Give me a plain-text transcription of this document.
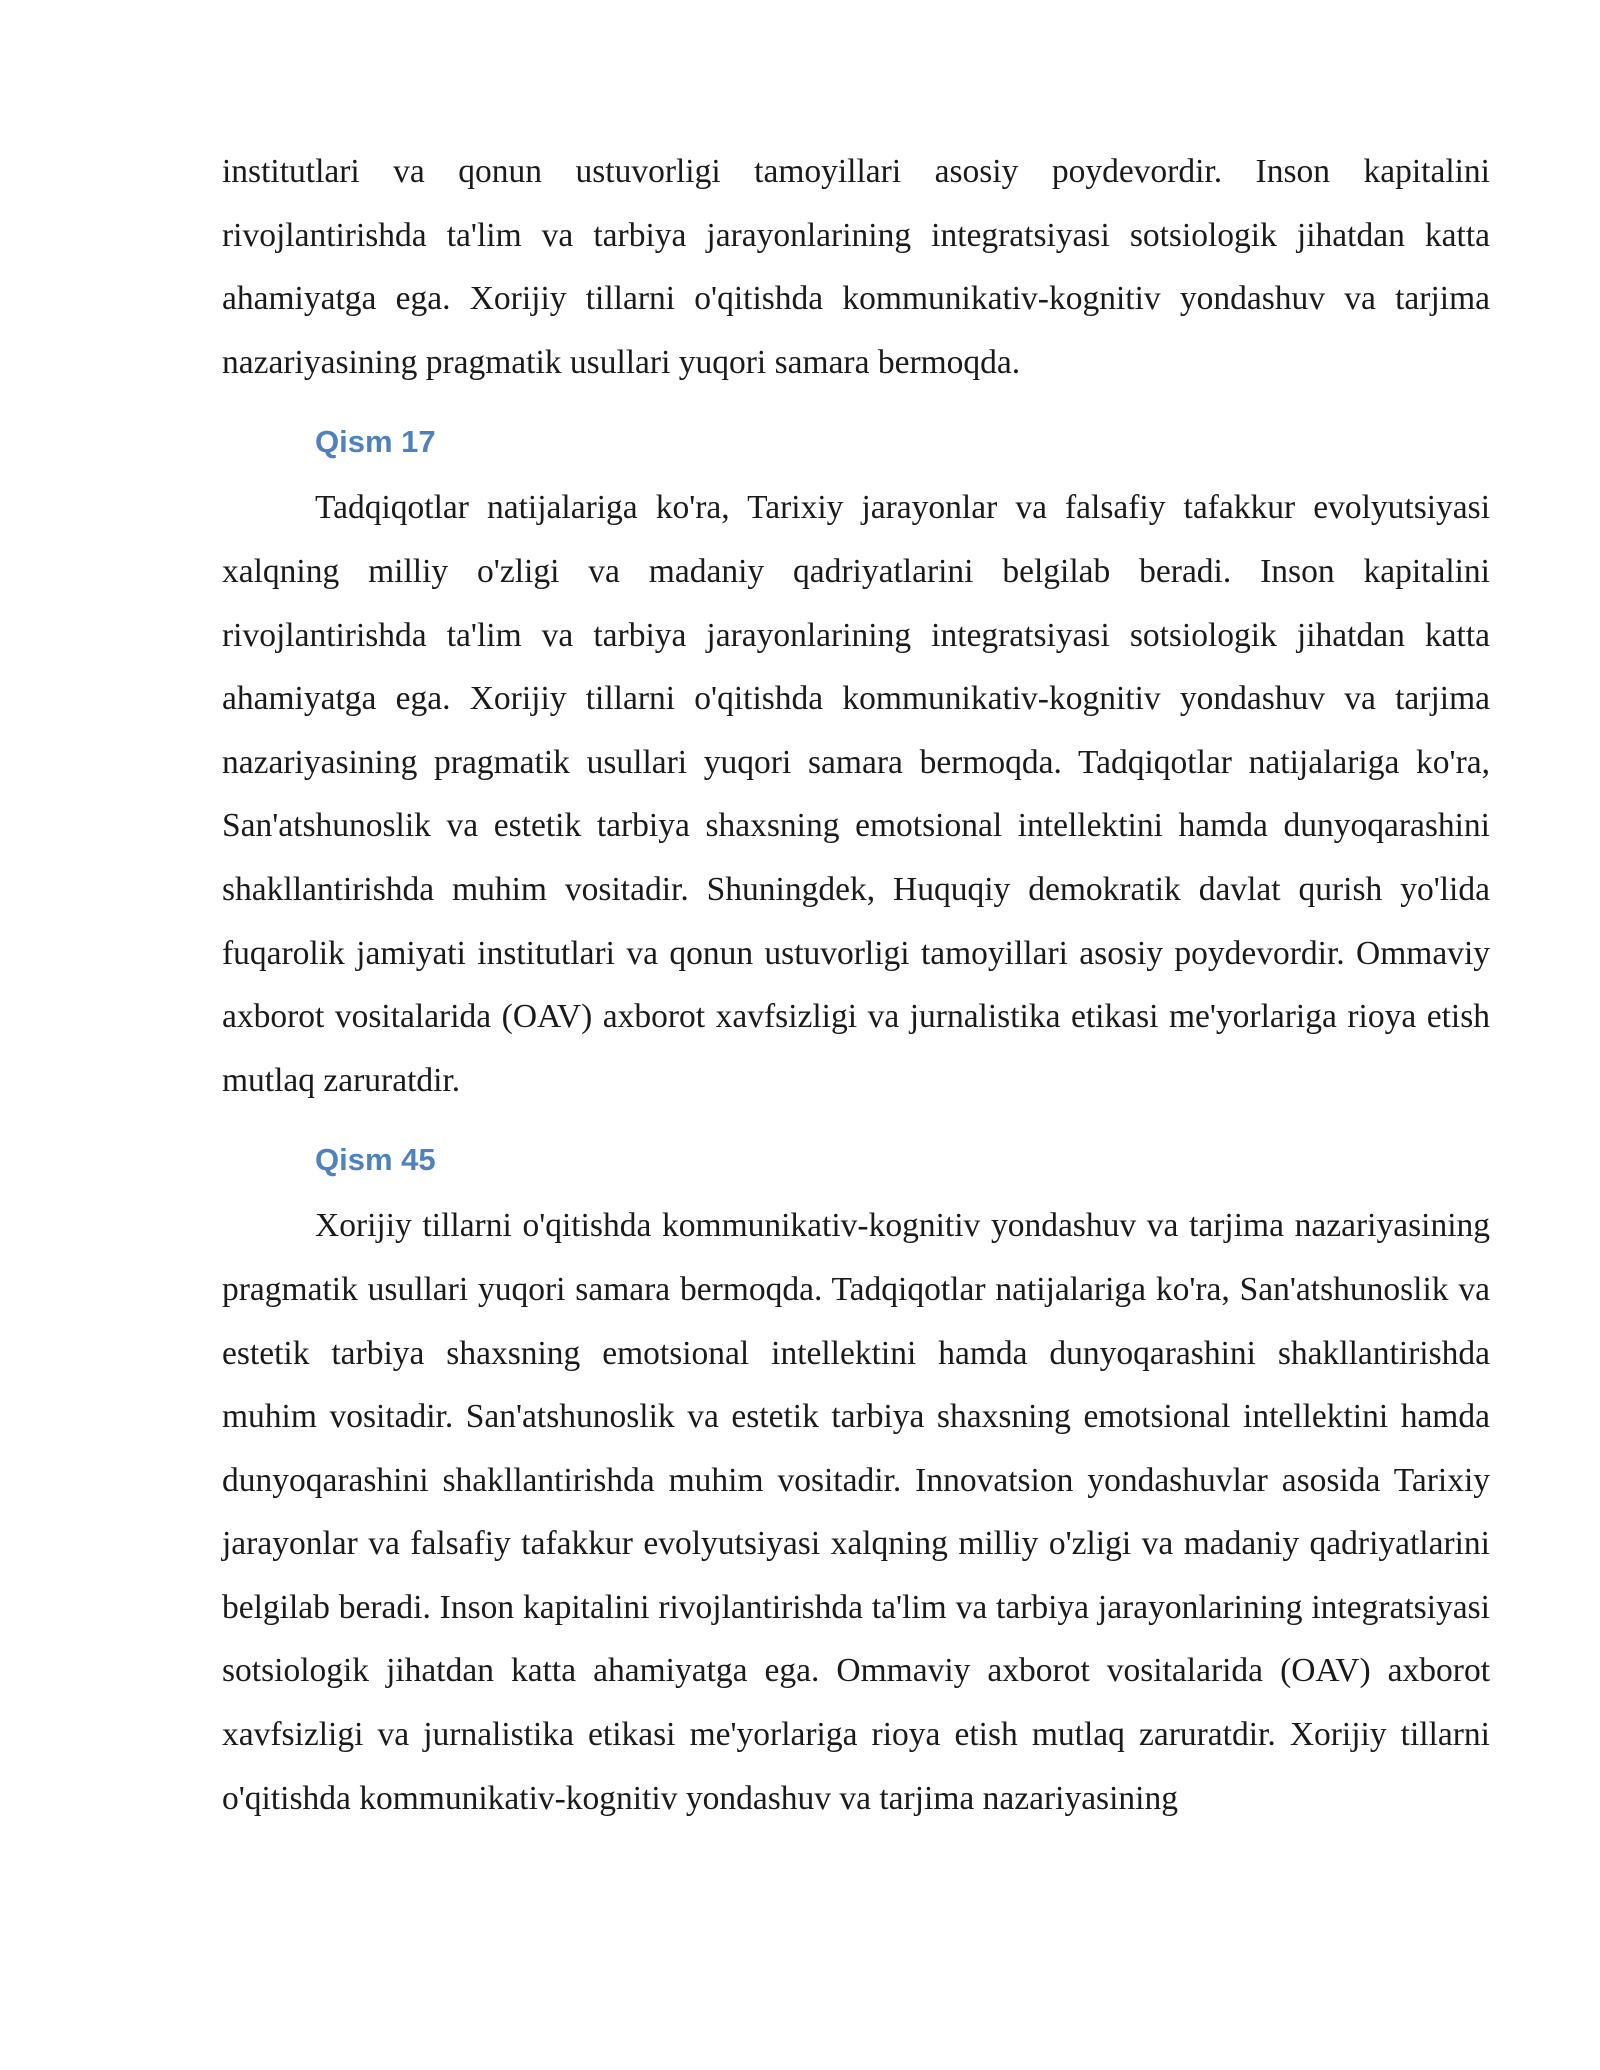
institutlari va qonun ustuvorligi tamoyillari asosiy poydevordir. Inson kapitalini rivojlantirishda ta'lim va tarbiya jarayonlarining integratsiyasi sotsiologik jihatdan katta ahamiyatga ega. Xorijiy tillarni o'qitishda kommunikativ-kognitiv yondashuv va tarjima nazariyasining pragmatik usullari yuqori samara bermoqda.

Qism 17

Tadqiqotlar natijalariga ko'ra, Tarixiy jarayonlar va falsafiy tafakkur evolyutsiyasi xalqning milliy o'zligi va madaniy qadriyatlarini belgilab beradi. Inson kapitalini rivojlantirishda ta'lim va tarbiya jarayonlarining integratsiyasi sotsiologik jihatdan katta ahamiyatga ega. Xorijiy tillarni o'qitishda kommunikativ-kognitiv yondashuv va tarjima nazariyasining pragmatik usullari yuqori samara bermoqda. Tadqiqotlar natijalariga ko'ra, San'atshunoslik va estetik tarbiya shaxsning emotsional intellektini hamda dunyoqarashini shakllantirishda muhim vositadir. Shuningdek, Huquqiy demokratik davlat qurish yo'lida fuqarolik jamiyati institutlari va qonun ustuvorligi tamoyillari asosiy poydevordir. Ommaviy axborot vositalarida (OAV) axborot xavfsizligi va jurnalistika etikasi me'yorlariga rioya etish mutlaq zaruratdir.

Qism 45

Xorijiy tillarni o'qitishda kommunikativ-kognitiv yondashuv va tarjima nazariyasining pragmatik usullari yuqori samara bermoqda. Tadqiqotlar natijalariga ko'ra, San'atshunoslik va estetik tarbiya shaxsning emotsional intellektini hamda dunyoqarashini shakllantirishda muhim vositadir. San'atshunoslik va estetik tarbiya shaxsning emotsional intellektini hamda dunyoqarashini shakllantirishda muhim vositadir. Innovatsion yondashuvlar asosida Tarixiy jarayonlar va falsafiy tafakkur evolyutsiyasi xalqning milliy o'zligi va madaniy qadriyatlarini belgilab beradi. Inson kapitalini rivojlantirishda ta'lim va tarbiya jarayonlarining integratsiyasi sotsiologik jihatdan katta ahamiyatga ega. Ommaviy axborot vositalarida (OAV) axborot xavfsizligi va jurnalistika etikasi me'yorlariga rioya etish mutlaq zaruratdir. Xorijiy tillarni o'qitishda kommunikativ-kognitiv yondashuv va tarjima nazariyasining
